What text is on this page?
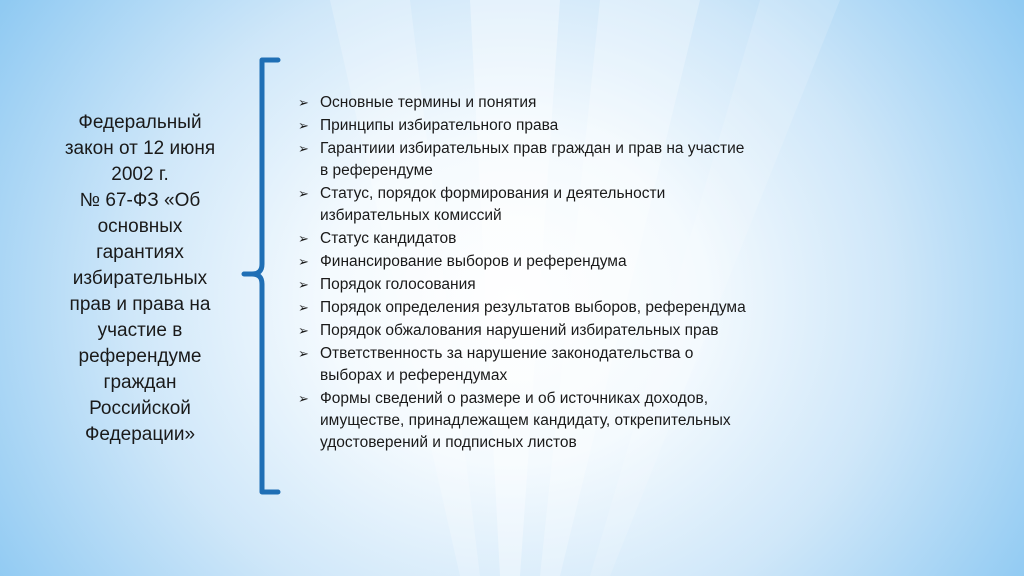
Федеральный
закон от 12 июня
2002 г.
№ 67-ФЗ «Об
основных
гарантиях
избирательных
прав и права на
участие в
референдуме
граждан
Российской
Федерации»
➢ Основные термины и понятия
➢ Принципы избирательного права
➢ Гарантиии избирательных прав граждан и прав на участие
в референдуме
➢ Статус, порядок формирования и деятельности
избирательных комиссий
➢ Статус кандидатов
➢ Финансирование выборов и референдума
➢ Порядок голосования
➢ Порядок определения результатов выборов, референдума
➢ Порядок обжалования нарушений избирательных прав
➢ Ответственность за нарушение законодательства о
выборах и референдумах
➢ Формы сведений о размере и об источниках доходов,
имуществе, принадлежащем кандидату, открепительных
удостоверений и подписных листов
